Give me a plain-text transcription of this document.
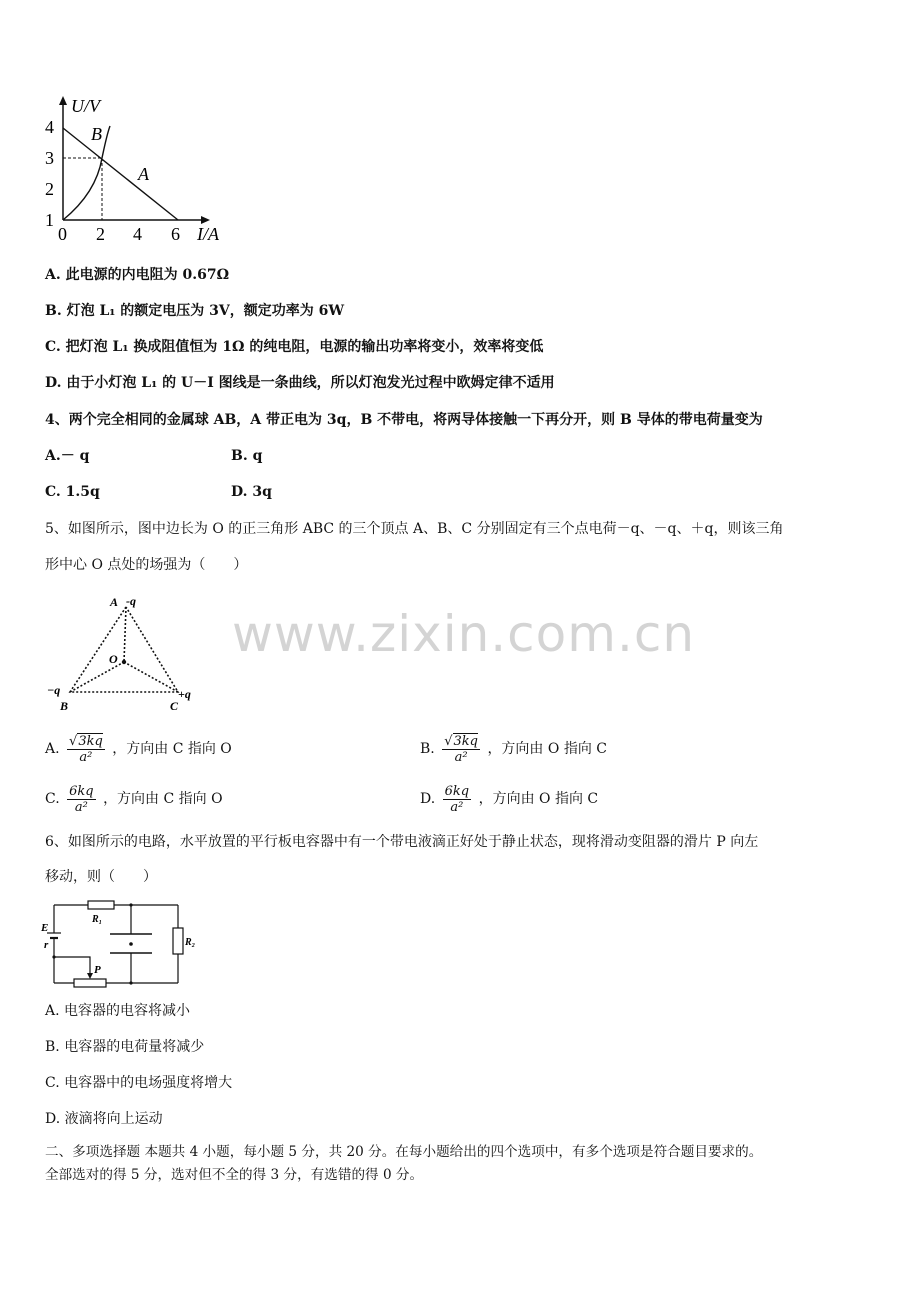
U/V
4
3
2
1
0 2 4 6 I/A
B
A
A. 此电源的内电阻为 0.67Ω
B. 灯泡 L₁ 的额定电压为 3V，额定功率为 6W
C. 把灯泡 L₁ 换成阻值恒为 1Ω 的纯电阻，电源的输出功率将变小，效率将变低
D. 由于小灯泡 L₁ 的 U－I 图线是一条曲线，所以灯泡发光过程中欧姆定律不适用
4、两个完全相同的金属球 AB，A 带正电为 3q，B 不带电，将两导体接触一下再分开，则 B 导体的带电荷量变为
A.－ q	B. q
C. 1.5q	D. 3q
5、如图所示，图中边长为 O 的正三角形 ABC 的三个顶点 A、B、C 分别固定有三个点电荷－q、－q、＋q，则该三角
形中心 O 点处的场强为（　　）
A -q
O
−q
B
+q
C
A. $\frac{√3kq}{\text{a²}}$ ，方向由 C 指向 O	B. $\frac{√3kq}{\text{a²}}$ ，方向由 O 指向 C
C. $\frac{6kq}{\text{a²}}$ ，方向由 C 指向 O	D. $\frac{6kq}{\text{a²}}$ ，方向由 O 指向 C
6、如图所示的电路，水平放置的平行板电容器中有一个带电液滴正好处于静止状态，现将滑动变阻器的滑片 P 向左
移动，则（　　）
E
r
R₁
R₂
P
A. 电容器的电容将减小
B. 电容器的电荷量将减少
C. 电容器中的电场强度将增大
D. 液滴将向上运动
二、多项选择题 本题共 4 小题，每小题 5 分，共 20 分。在每小题给出的四个选项中，有多个选项是符合题目要求的。
全部选对的得 5 分，选对但不全的得 3 分，有选错的得 0 分。
www.zixin.com.cn
